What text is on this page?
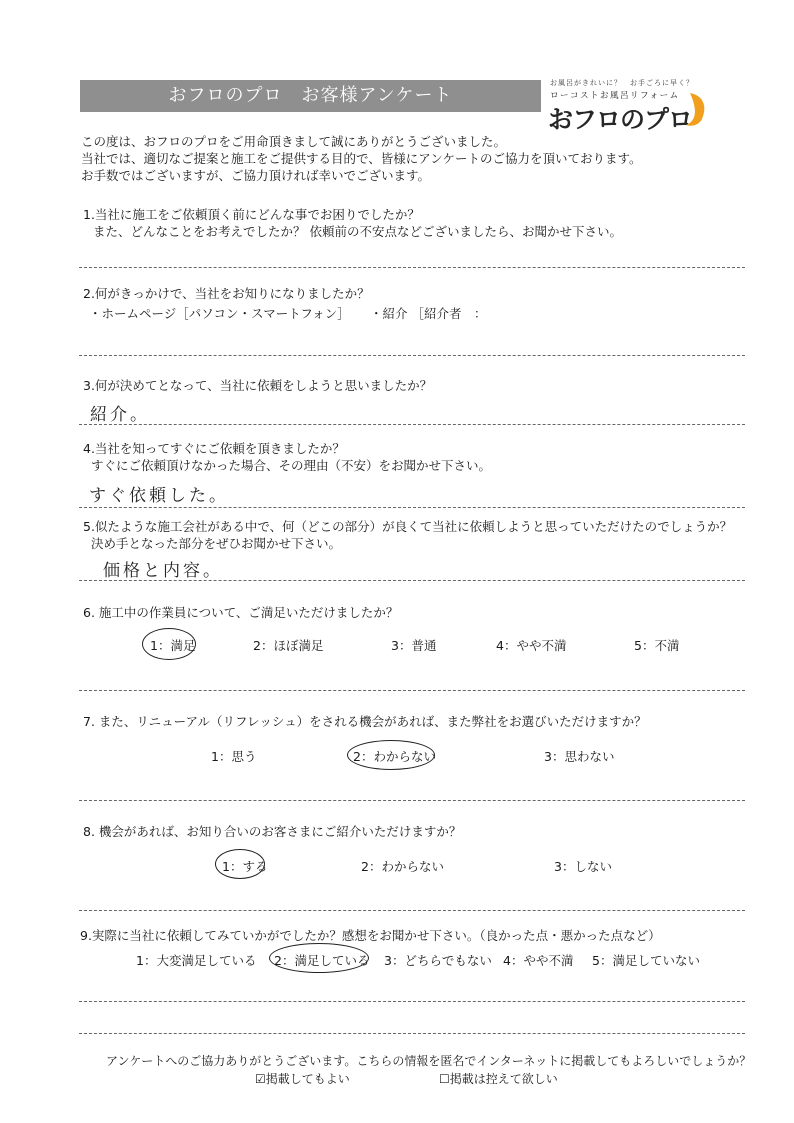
おフロのプロ　お客様アンケート
お風呂がきれいに？　お手ごろに早く？
ローコストお風呂リフォーム
おフロのプロ
この度は、おフロのプロをご用命頂きまして誠にありがとうございました。
当社では、適切なご提案と施工をご提供する目的で、皆様にアンケートのご協力を頂いております。
お手数ではございますが、ご協力頂ければ幸いでございます。
1.当社に施工をご依頼頂く前にどんな事でお困りでしたか？
また、どんなことをお考えでしたか？ 依頼前の不安点などございましたら、お聞かせ下さい。
2.何がきっかけで、当社をお知りになりましたか？
・ホームページ［パソコン・スマートフォン］ ・紹介 ［紹介者　：
3.何が決めてとなって、当社に依頼をしようと思いましたか？
紹介。
4.当社を知ってすぐにご依頼を頂きましたか？
すぐにご依頼頂けなかった場合、その理由（不安）をお聞かせ下さい。
すぐ依頼した。
5.似たような施工会社がある中で、何（どこの部分）が良くて当社に依頼しようと思っていただけたのでしょうか？
決め手となった部分をぜひお聞かせ下さい。
価格と内容。
6. 施工中の作業員について、ご満足いただけましたか？
1：満足	2：ほぼ満足	3：普通	4：やや不満	5：不満
7. また、リニューアル（リフレッシュ）をされる機会があれば、また弊社をお選びいただけますか？
1：思う	2：わからない	3：思わない
8. 機会があれば、お知り合いのお客さまにご紹介いただけますか？
1：する	2：わからない	3：しない
9.実際に当社に依頼してみていかがでしたか？感想をお聞かせ下さい。（良かった点・悪かった点など）
1：大変満足している 2：満足している 3：どちらでもない 4：やや不満 5：満足していない
アンケートへのご協力ありがとうございます。こちらの情報を匿名でインターネットに掲載してもよろしいでしょうか？
☑掲載してもよい	☐掲載は控えて欲しい
